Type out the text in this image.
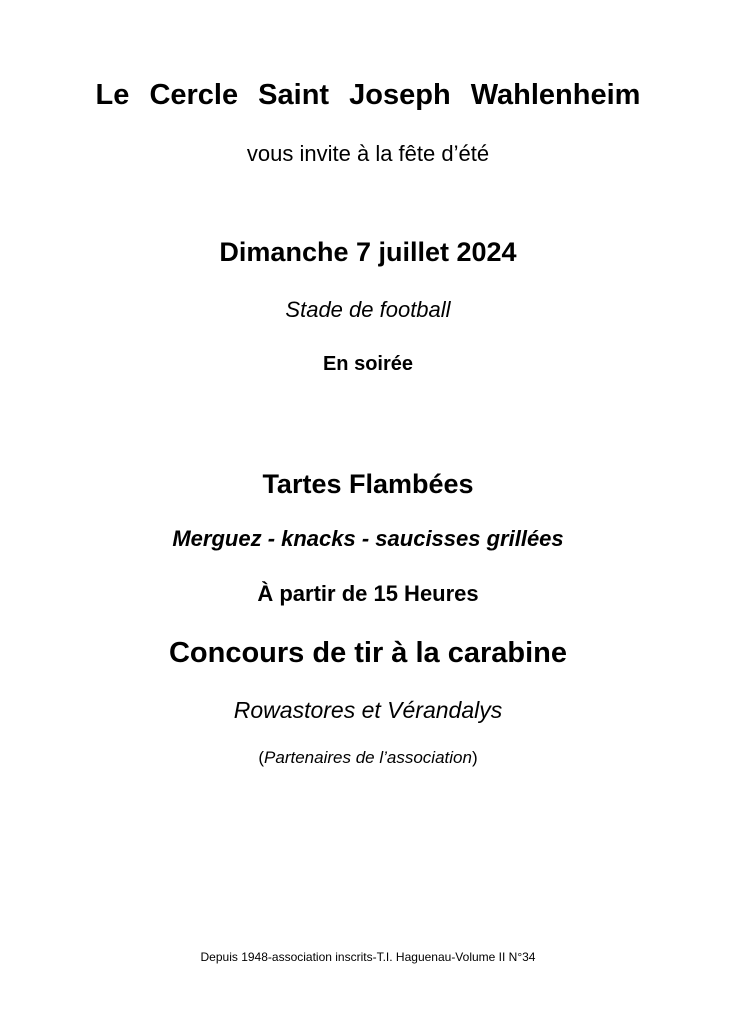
Le Cercle Saint Joseph Wahlenheim
vous invite à la fête d’été
Dimanche 7 juillet 2024
Stade de football
En soirée
Tartes Flambées
Merguez - knacks - saucisses grillées
À partir de 15 Heures
Concours de tir à la carabine
Rowastores et Vérandalys
(Partenaires de l’association)
Depuis 1948-association inscrits-T.I. Haguenau-Volume II N°34
